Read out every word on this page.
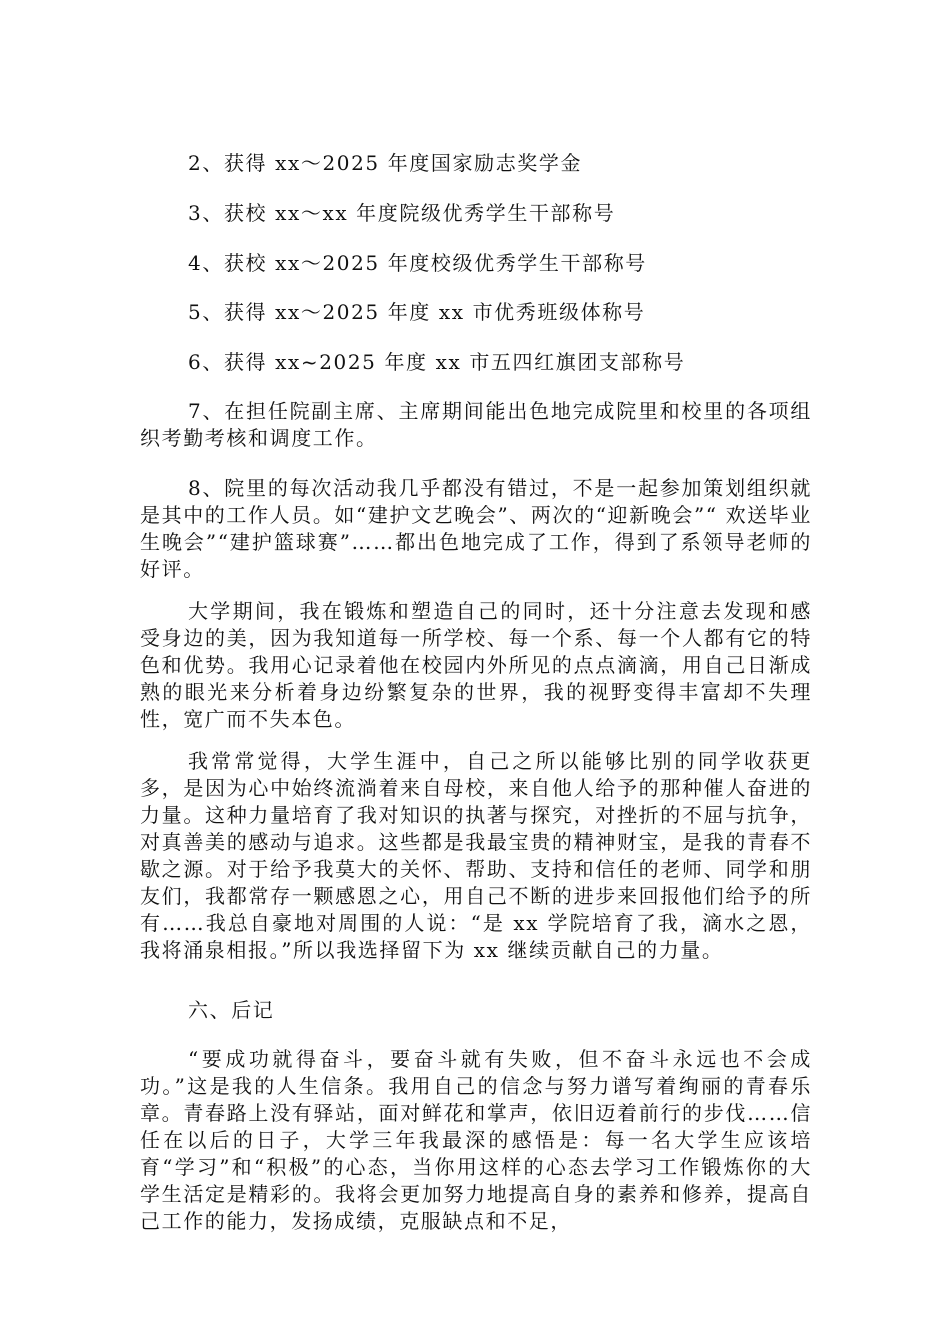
2、获得 xx～2025 年度国家励志奖学金

3、获校 xx～xx 年度院级优秀学生干部称号

4、获校 xx～2025 年度校级优秀学生干部称号

5、获得 xx～2025 年度 xx 市优秀班级体称号

6、获得 xx~2025 年度 xx 市五四红旗团支部称号

7、在担任院副主席、主席期间能出色地完成院里和校里的各项组织考勤考核和调度工作。

8、院里的每次活动我几乎都没有错过，不是一起参加策划组织就是其中的工作人员。如“建护文艺晚会”、两次的“迎新晚会”“ 欢送毕业生晚会”“建护篮球赛”……都出色地完成了工作，得到了系领导老师的好评。

大学期间，我在锻炼和塑造自己的同时，还十分注意去发现和感受身边的美，因为我知道每一所学校、每一个系、每一个人都有它的特色和优势。我用心记录着他在校园内外所见的点点滴滴，用自己日渐成熟的眼光来分析着身边纷繁复杂的世界，我的视野变得丰富却不失理性，宽广而不失本色。

我常常觉得，大学生涯中，自己之所以能够比别的同学收获更多，是因为心中始终流淌着来自母校，来自他人给予的那种催人奋进的力量。这种力量培育了我对知识的执著与探究，对挫折的不屈与抗争，对真善美的感动与追求。这些都是我最宝贵的精神财宝，是我的青春不歇之源。对于给予我莫大的关怀、帮助、支持和信任的老师、同学和朋友们，我都常存一颗感恩之心，用自己不断的进步来回报他们给予的所有……我总自豪地对周围的人说：“是 xx 学院培育了我，滴水之恩，我将涌泉相报。”所以我选择留下为 xx 继续贡献自己的力量。

六、后记

“要成功就得奋斗，要奋斗就有失败，但不奋斗永远也不会成功。”这是我的人生信条。我用自己的信念与努力谱写着绚丽的青春乐章。青春路上没有驿站，面对鲜花和掌声，依旧迈着前行的步伐……信任在以后的日子，大学三年我最深的感悟是：每一名大学生应该培育“学习”和“积极”的心态，当你用这样的心态去学习工作锻炼你的大学生活定是精彩的。我将会更加努力地提高自身的素养和修养，提高自己工作的能力，发扬成绩，克服缺点和不足，
